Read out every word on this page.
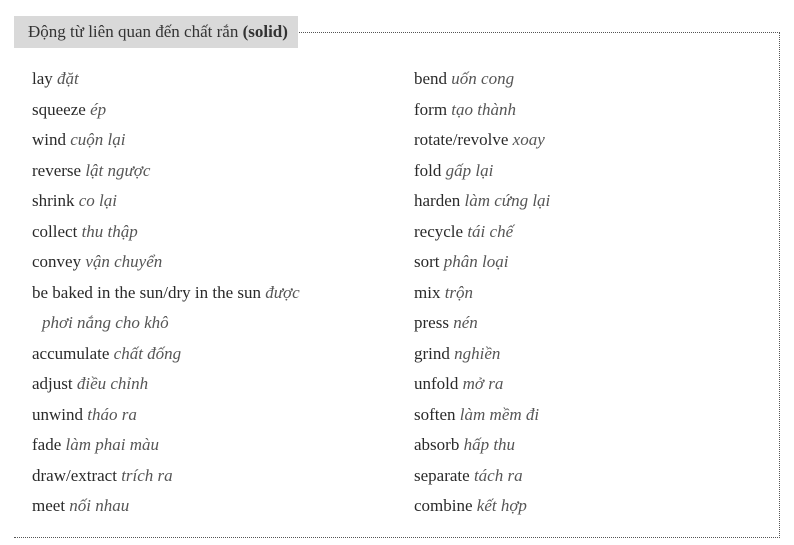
Động từ liên quan đến chất rắn
(solid)
lay đặt
squeeze ép
wind cuộn lại
reverse lật ngược
shrink co lại
collect thu thập
convey vận chuyển
be baked in the sun/dry in the sun được
phơi nắng cho khô
accumulate chất đống
adjust điều chỉnh
unwind tháo ra
fade làm phai màu
draw/extract trích ra
meet nối nhau
bend uốn cong
form tạo thành
rotate/revolve xoay
fold gấp lại
harden làm cứng lại
recycle tái chế
sort phân loại
mix trộn
press nén
grind nghiền
unfold mở ra
soften làm mềm đi
absorb hấp thu
separate tách ra
combine kết hợp
